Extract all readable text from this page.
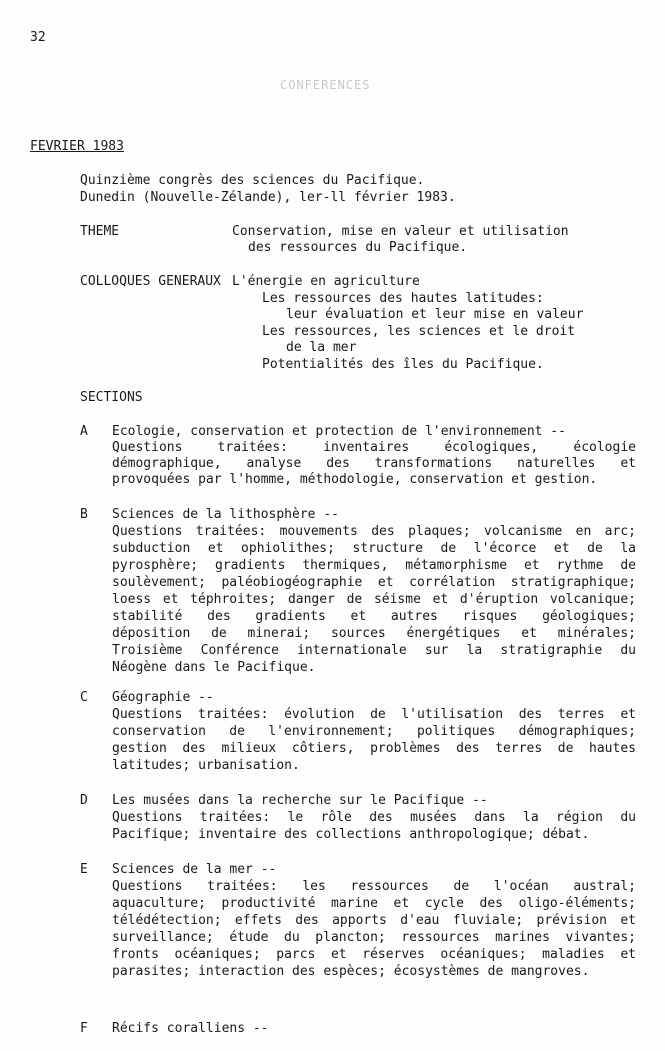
CONFERENCES
32
FEVRIER 1983
Quinzième congrès des sciences du Pacifique.
Dunedin (Nouvelle-Zélande), ler-ll février 1983.
THEME	Conservation, mise en valeur et utilisation
des ressources du Pacifique.
COLLOQUES GENERAUX L'énergie en agriculture
Les ressources des hautes latitudes:
leur évaluation et leur mise en valeur
Les ressources, les sciences et le droit
de la mer
Potentialités des îles du Pacifique.
SECTIONS
A Ecologie, conservation et protection de l'environnement --
Questions traitées: inventaires écologiques, écologie
démographique, analyse des transformations naturelles et
provoquées par l'homme, méthodologie, conservation et gestion.
B Sciences de la lithosphère --
Questions traitées: mouvements des plaques; volcanisme en arc;
subduction et ophiolithes; structure de l'écorce et de la
pyrosphère; gradients thermiques, métamorphisme et rythme de
soulèvement; paléobiogéographie et corrélation stratigraphique;
loess et téphroites; danger de séisme et d'éruption volcanique;
stabilité des gradients et autres risques géologiques;
déposition de minerai; sources énergétiques et minérales;
Troisième Conférence internationale sur la stratigraphie du
Néogène dans le Pacifique.
C Géographie --
Questions traitées: évolution de l'utilisation des terres et
conservation de l'environnement; politiques démographiques;
gestion des milieux côtiers, problèmes des terres de hautes
latitudes; urbanisation.
D Les musées dans la recherche sur le Pacifique --
Questions traitées: le rôle des musées dans la région du
Pacifique; inventaire des collections anthropologique; débat.
E Sciences de la mer --
Questions traitées: les ressources de l'océan austral;
aquaculture; productivité marine et cycle des oligo-éléments;
télédétection; effets des apports d'eau fluviale; prévision et
surveillance; étude du plancton; ressources marines vivantes;
fronts océaniques; parcs et réserves océaniques; maladies et
parasites; interaction des espèces; écosystèmes de mangroves.
F Récifs coralliens --
